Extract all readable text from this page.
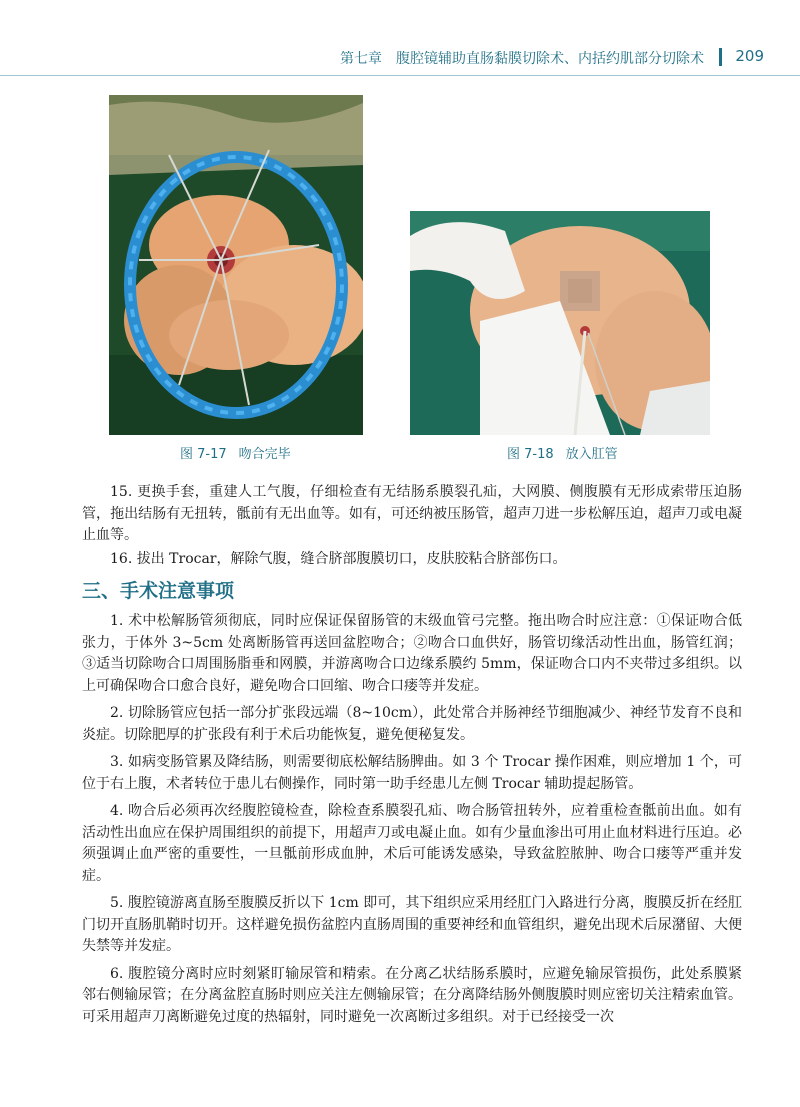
第七章　腹腔镜辅助直肠黏膜切除术、内括约肌部分切除术 209
图 7-17 吻合完毕	图 7-18 放入肛管

15. 更换手套，重建人工气腹，仔细检查有无结肠系膜裂孔疝，大网膜、侧腹膜有无形成索带压迫肠管，拖出结肠有无扭转，骶前有无出血等。如有，可还纳被压肠管，超声刀进一步松解压迫，超声刀或电凝止血等。

16. 拔出 Trocar，解除气腹，缝合脐部腹膜切口，皮肤胶粘合脐部伤口。

三、手术注意事项

1. 术中松解肠管须彻底，同时应保证保留肠管的末级血管弓完整。拖出吻合时应注意：①保证吻合低张力，于体外 3~5cm 处离断肠管再送回盆腔吻合；②吻合口血供好，肠管切缘活动性出血，肠管红润；③适当切除吻合口周围肠脂垂和网膜，并游离吻合口边缘系膜约 5mm，保证吻合口内不夹带过多组织。以上可确保吻合口愈合良好，避免吻合口回缩、吻合口瘘等并发症。

2. 切除肠管应包括一部分扩张段远端（8~10cm），此处常合并肠神经节细胞减少、神经节发育不良和炎症。切除肥厚的扩张段有利于术后功能恢复，避免便秘复发。

3. 如病变肠管累及降结肠，则需要彻底松解结肠脾曲。如 3 个 Trocar 操作困难，则应增加 1 个，可位于右上腹，术者转位于患儿右侧操作，同时第一助手经患儿左侧 Trocar 辅助提起肠管。

4. 吻合后必须再次经腹腔镜检查，除检查系膜裂孔疝、吻合肠管扭转外，应着重检查骶前出血。如有活动性出血应在保护周围组织的前提下，用超声刀或电凝止血。如有少量血渗出可用止血材料进行压迫。必须强调止血严密的重要性，一旦骶前形成血肿，术后可能诱发感染，导致盆腔脓肿、吻合口瘘等严重并发症。

5. 腹腔镜游离直肠至腹膜反折以下 1cm 即可，其下组织应采用经肛门入路进行分离，腹膜反折在经肛门切开直肠肌鞘时切开。这样避免损伤盆腔内直肠周围的重要神经和血管组织，避免出现术后尿潴留、大便失禁等并发症。

6. 腹腔镜分离时应时刻紧盯输尿管和精索。在分离乙状结肠系膜时，应避免输尿管损伤，此处系膜紧邻右侧输尿管；在分离盆腔直肠时则应关注左侧输尿管；在分离降结肠外侧腹膜时则应密切关注精索血管。可采用超声刀离断避免过度的热辐射，同时避免一次离断过多组织。对于已经接受一次
